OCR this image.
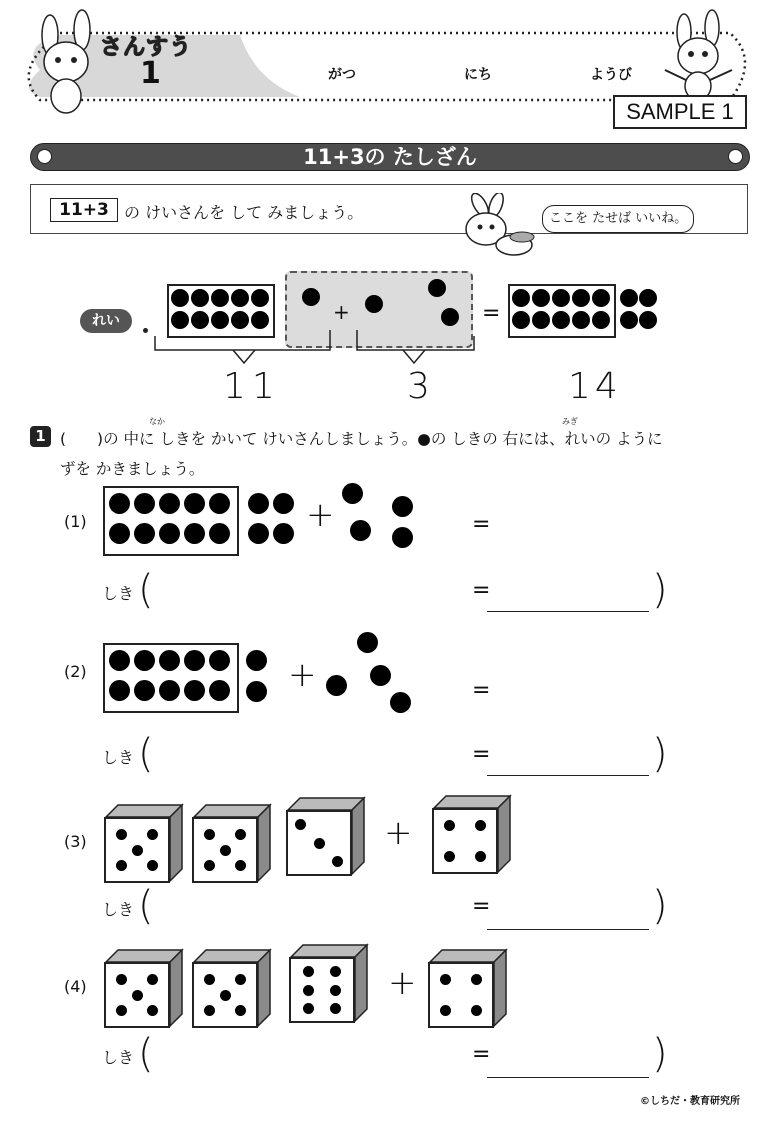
さんすう
1	がつ	にち	ようび
SAMPLE 1
11+3の たしざん
11+3 の けいさんを して みましょう。	ここを たせば いいね。
れい	+	=
11	3	14
1
なか	みぎ
(　　)の 中に しきを かいて けいさんしましょう。●の しきの 右には、れいの ように
ずを かきましょう。
(1)	+	=
しき (	=	)
(2)	+	=
しき (	=	)
(3)	+
しき (	=	)
(4)	+
しき (	=	)
©しちだ・教育研究所
